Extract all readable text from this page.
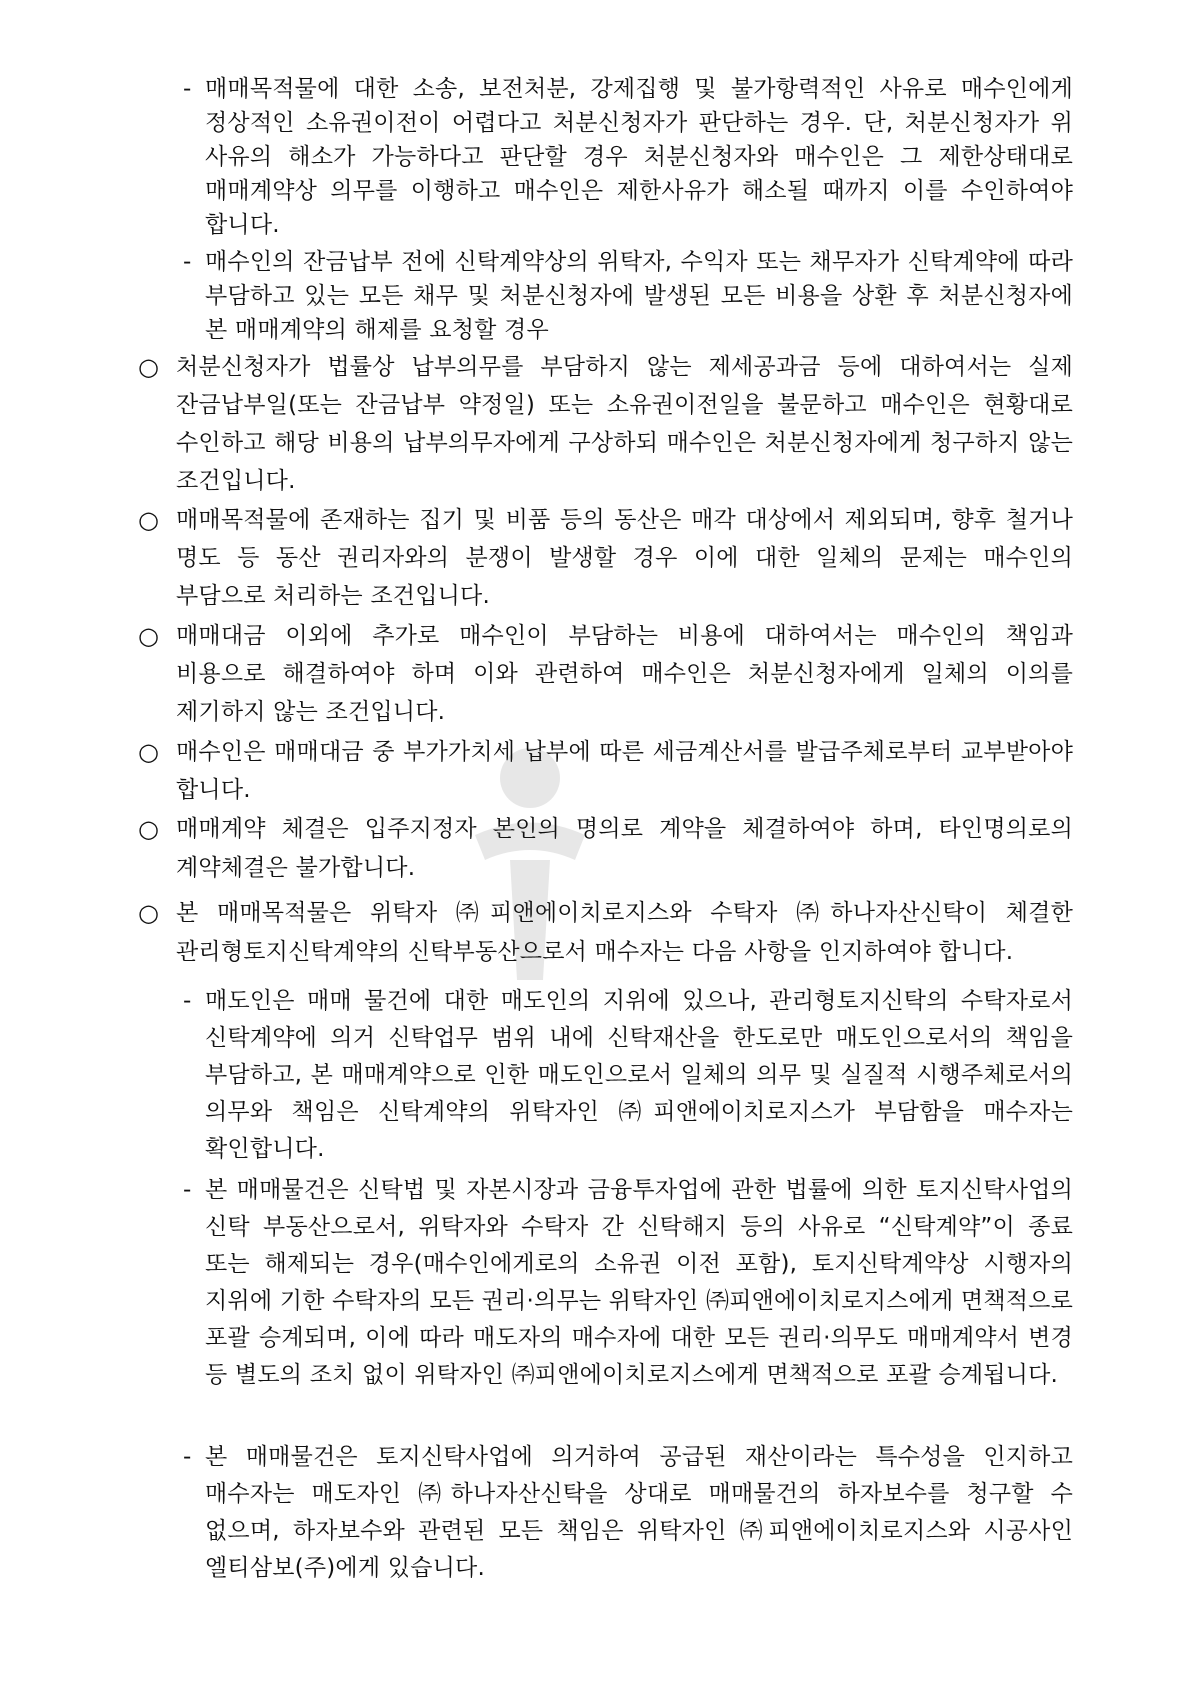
- 매매목적물에 대한 소송, 보전처분, 강제집행 및 불가항력적인 사유로 매수인에게 정상적인 소유권이전이 어렵다고 처분신청자가 판단하는 경우. 단, 처분신청자가 위 사유의 해소가 가능하다고 판단할 경우 처분신청자와 매수인은 그 제한상태대로 매매계약상 의무를 이행하고 매수인은 제한사유가 해소될 때까지 이를 수인하여야 합니다.
- 매수인의 잔금납부 전에 신탁계약상의 위탁자, 수익자 또는 채무자가 신탁계약에 따라 부담하고 있는 모든 채무 및 처분신청자에 발생된 모든 비용을 상환 후 처분신청자에 본 매매계약의 해제를 요청할 경우
○ 처분신청자가 법률상 납부의무를 부담하지 않는 제세공과금 등에 대하여서는 실제 잔금납부일(또는 잔금납부 약정일) 또는 소유권이전일을 불문하고 매수인은 현황대로 수인하고 해당 비용의 납부의무자에게 구상하되 매수인은 처분신청자에게 청구하지 않는 조건입니다.
○ 매매목적물에 존재하는 집기 및 비품 등의 동산은 매각 대상에서 제외되며, 향후 철거나 명도 등 동산 권리자와의 분쟁이 발생할 경우 이에 대한 일체의 문제는 매수인의 부담으로 처리하는 조건입니다.
○ 매매대금 이외에 추가로 매수인이 부담하는 비용에 대하여서는 매수인의 책임과 비용으로 해결하여야 하며 이와 관련하여 매수인은 처분신청자에게 일체의 이의를 제기하지 않는 조건입니다.
○ 매수인은 매매대금 중 부가가치세 납부에 따른 세금계산서를 발급주체로부터 교부받아야 합니다.
○ 매매계약 체결은 입주지정자 본인의 명의로 계약을 체결하여야 하며, 타인명의로의 계약체결은 불가합니다.
○ 본 매매목적물은 위탁자 ㈜피앤에이치로지스와 수탁자 ㈜하나자산신탁이 체결한 관리형토지신탁계약의 신탁부동산으로서 매수자는 다음 사항을 인지하여야 합니다.
- 매도인은 매매 물건에 대한 매도인의 지위에 있으나, 관리형토지신탁의 수탁자로서 신탁계약에 의거 신탁업무 범위 내에 신탁재산을 한도로만 매도인으로서의 책임을 부담하고, 본 매매계약으로 인한 매도인으로서 일체의 의무 및 실질적 시행주체로서의 의무와 책임은 신탁계약의 위탁자인 ㈜피앤에이치로지스가 부담함을 매수자는 확인합니다.
- 본 매매물건은 신탁법 및 자본시장과 금융투자업에 관한 법률에 의한 토지신탁사업의 신탁 부동산으로서, 위탁자와 수탁자 간 신탁해지 등의 사유로 “신탁계약”이 종료 또는 해제되는 경우(매수인에게로의 소유권 이전 포함), 토지신탁계약상 시행자의 지위에 기한 수탁자의 모든 권리·의무는 위탁자인 ㈜피앤에이치로지스에게 면책적으로 포괄 승계되며, 이에 따라 매도자의 매수자에 대한 모든 권리·의무도 매매계약서 변경 등 별도의 조치 없이 위탁자인 ㈜피앤에이치로지스에게 면책적으로 포괄 승계됩니다.
- 본 매매물건은 토지신탁사업에 의거하여 공급된 재산이라는 특수성을 인지하고 매수자는 매도자인 ㈜하나자산신탁을 상대로 매매물건의 하자보수를 청구할 수 없으며, 하자보수와 관련된 모든 책임은 위탁자인 ㈜피앤에이치로지스와 시공사인 엘티삼보(주)에게 있습니다.
